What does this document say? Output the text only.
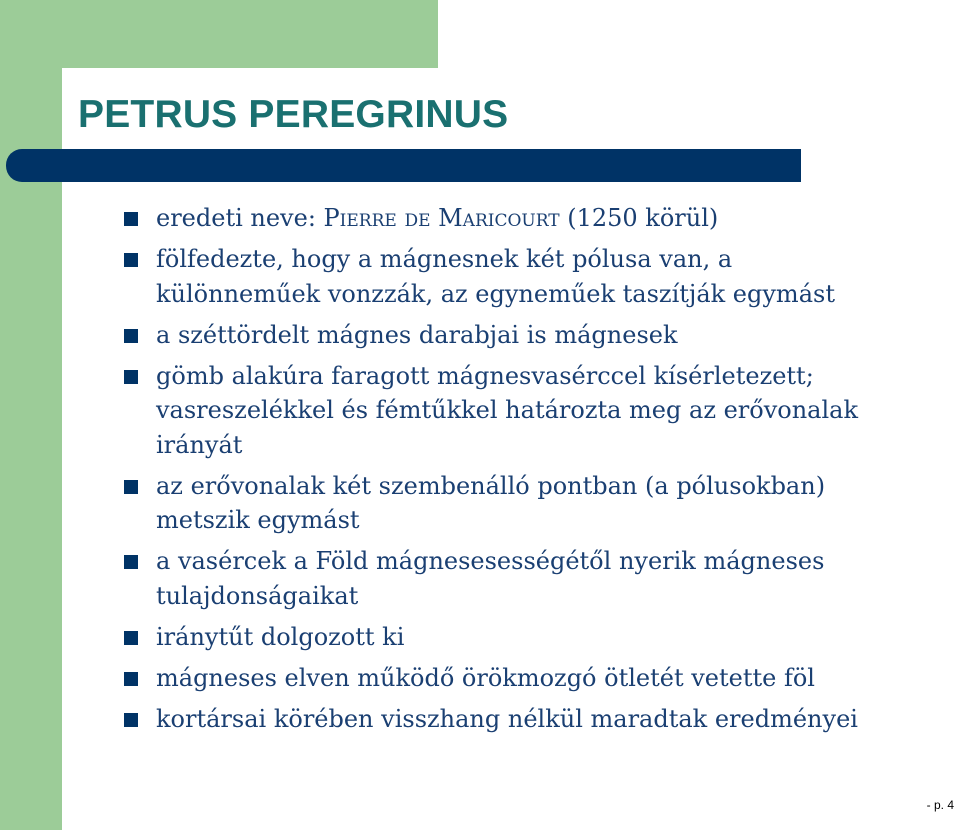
PETRUS PEREGRINUS
eredeti neve: Pierre de Maricourt (1250 körül)
fölfedezte, hogy a mágnesnek két pólusa van, a
különneműek vonzzák, az egyneműek taszítják egymást
a széttördelt mágnes darabjai is mágnesek
gömb alakúra faragott mágnesvasérccel kísérletezett;
vasreszelékkel és fémtűkkel határozta meg az erővonalak
irányát
az erővonalak két szembenálló pontban (a pólusokban)
metszik egymást
a vasércek a Föld mágnesesességétől nyerik mágneses
tulajdonságaikat
iránytűt dolgozott ki
mágneses elven működő örökmozgó ötletét vetette föl
kortársai körében visszhang nélkül maradtak eredményei
- p. 4
